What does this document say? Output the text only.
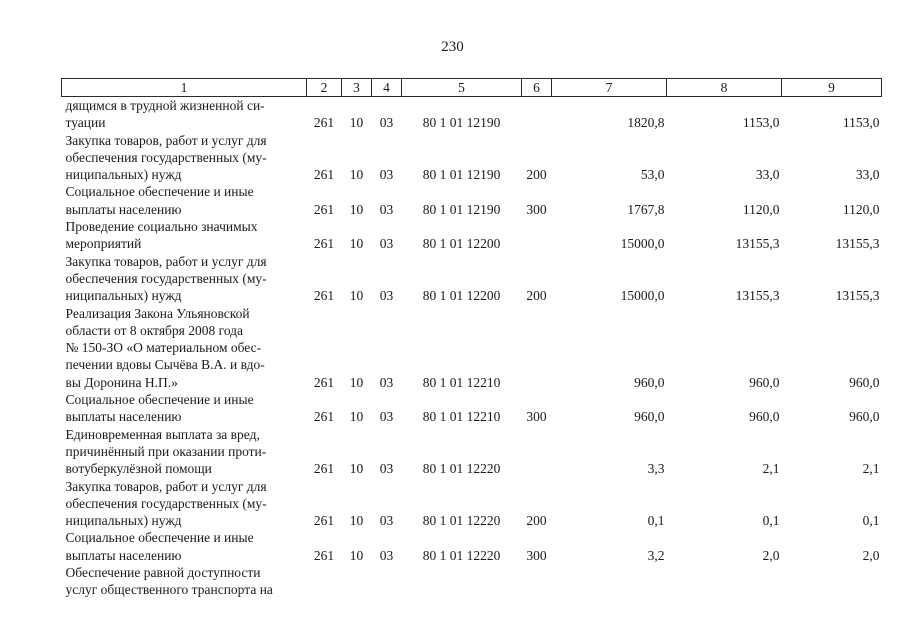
230
1	2	3	4	5	6	7	8	9

дящимся в трудной жизненной си-
туации	261	10	03	80 1 01 12190		1820,8	1153,0	1153,0

Закупка товаров, работ и услуг для
обеспечения государственных (му-
ниципальных) нужд	261	10	03	80 1 01 12190	200	53,0	33,0	33,0

Социальное обеспечение и иные
выплаты населению	261	10	03	80 1 01 12190	300	1767,8	1120,0	1120,0

Проведение социально значимых
мероприятий	261	10	03	80 1 01 12200		15000,0	13155,3	13155,3

Закупка товаров, работ и услуг для
обеспечения государственных (му-
ниципальных) нужд	261	10	03	80 1 01 12200	200	15000,0	13155,3	13155,3

Реализация Закона Ульяновской
области от 8 октября 2008 года
№ 150-ЗО «О материальном обес-
печении вдовы Сычёва В.А. и вдо-
вы Доронина Н.П.»	261	10	03	80 1 01 12210		960,0	960,0	960,0

Социальное обеспечение и иные
выплаты населению	261	10	03	80 1 01 12210	300	960,0	960,0	960,0

Единовременная выплата за вред,
причинённый при оказании проти-
вотуберкулёзной помощи	261	10	03	80 1 01 12220		3,3	2,1	2,1

Закупка товаров, работ и услуг для
обеспечения государственных (му-
ниципальных) нужд	261	10	03	80 1 01 12220	200	0,1	0,1	0,1

Социальное обеспечение и иные
выплаты населению	261	10	03	80 1 01 12220	300	3,2	2,0	2,0

Обеспечение равной доступности
услуг общественного транспорта на								
